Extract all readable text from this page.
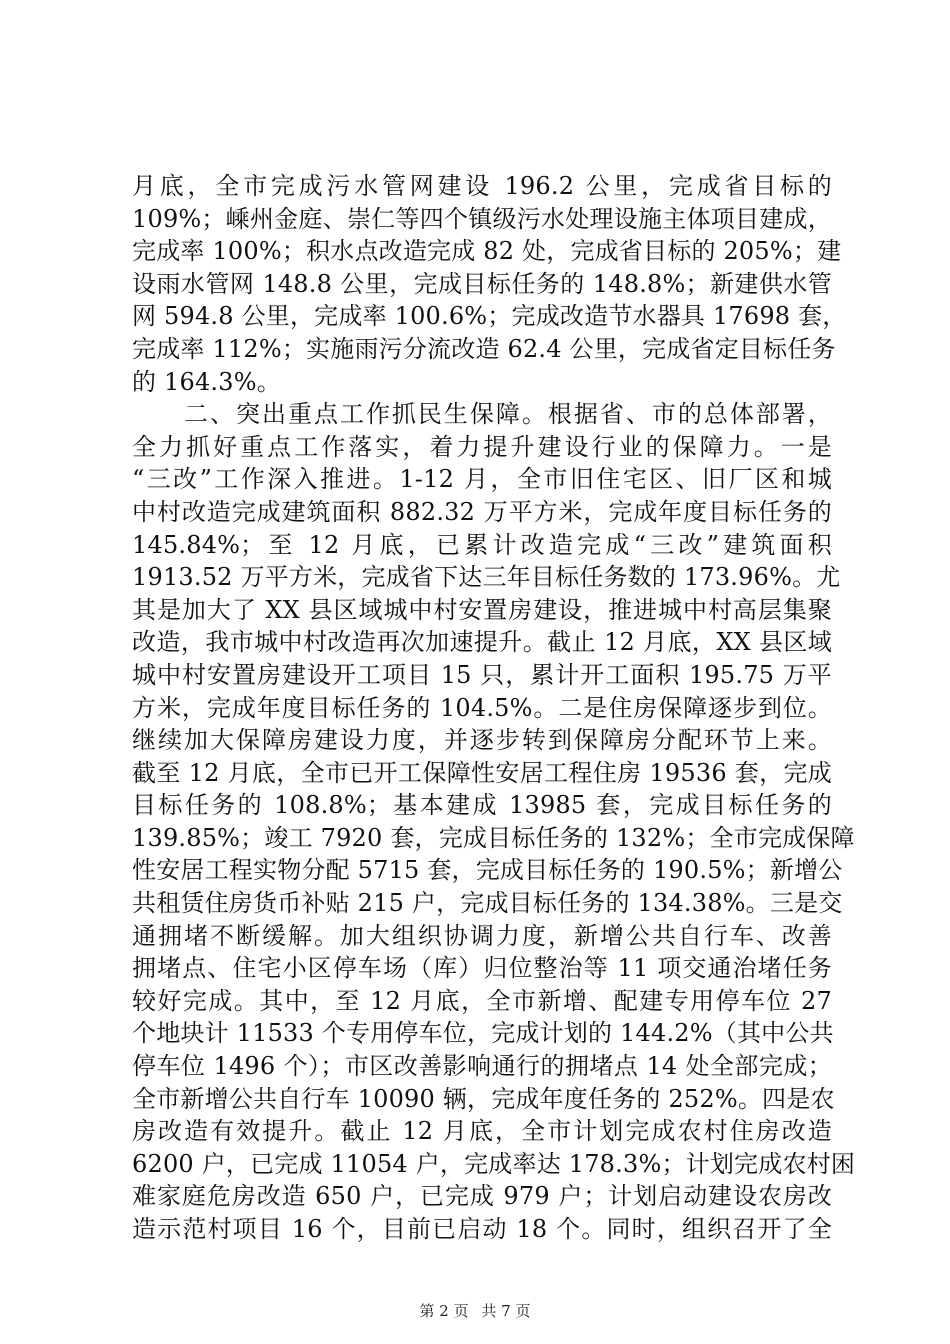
月底，全市完成污水管网建设 196.2 公里，完成省目标的
109%；嵊州金庭、崇仁等四个镇级污水处理设施主体项目建成，
完成率 100%；积水点改造完成 82 处，完成省目标的 205%；建
设雨水管网 148.8 公里，完成目标任务的 148.8%；新建供水管
网 594.8 公里，完成率 100.6%；完成改造节水器具 17698 套，
完成率 112%；实施雨污分流改造 62.4 公里，完成省定目标任务
的 164.3%。
二、突出重点工作抓民生保障。根据省、市的总体部署，
全力抓好重点工作落实，着力提升建设行业的保障力。一是
“三改”工作深入推进。1-12 月，全市旧住宅区、旧厂区和城
中村改造完成建筑面积 882.32 万平方米，完成年度目标任务的
145.84%；至 12 月底，已累计改造完成“三改”建筑面积
1913.52 万平方米，完成省下达三年目标任务数的 173.96%。尤
其是加大了 XX 县区域城中村安置房建设，推进城中村高层集聚
改造，我市城中村改造再次加速提升。截止 12 月底，XX 县区域
城中村安置房建设开工项目 15 只，累计开工面积 195.75 万平
方米，完成年度目标任务的 104.5%。二是住房保障逐步到位。
继续加大保障房建设力度，并逐步转到保障房分配环节上来。
截至 12 月底，全市已开工保障性安居工程住房 19536 套，完成
目标任务的 108.8%；基本建成 13985 套，完成目标任务的
139.85%；竣工 7920 套，完成目标任务的 132%；全市完成保障
性安居工程实物分配 5715 套，完成目标任务的 190.5%；新增公
共租赁住房货币补贴 215 户，完成目标任务的 134.38%。三是交
通拥堵不断缓解。加大组织协调力度，新增公共自行车、改善
拥堵点、住宅小区停车场（库）归位整治等 11 项交通治堵任务
较好完成。其中，至 12 月底，全市新增、配建专用停车位 27
个地块计 11533 个专用停车位，完成计划的 144.2%（其中公共
停车位 1496 个）；市区改善影响通行的拥堵点 14 处全部完成；
全市新增公共自行车 10090 辆，完成年度任务的 252%。四是农
房改造有效提升。截止 12 月底，全市计划完成农村住房改造
6200 户，已完成 11054 户，完成率达 178.3%；计划完成农村困
难家庭危房改造 650 户，已完成 979 户；计划启动建设农房改
造示范村项目 16 个，目前已启动 18 个。同时，组织召开了全
第 2 页 共 7 页
